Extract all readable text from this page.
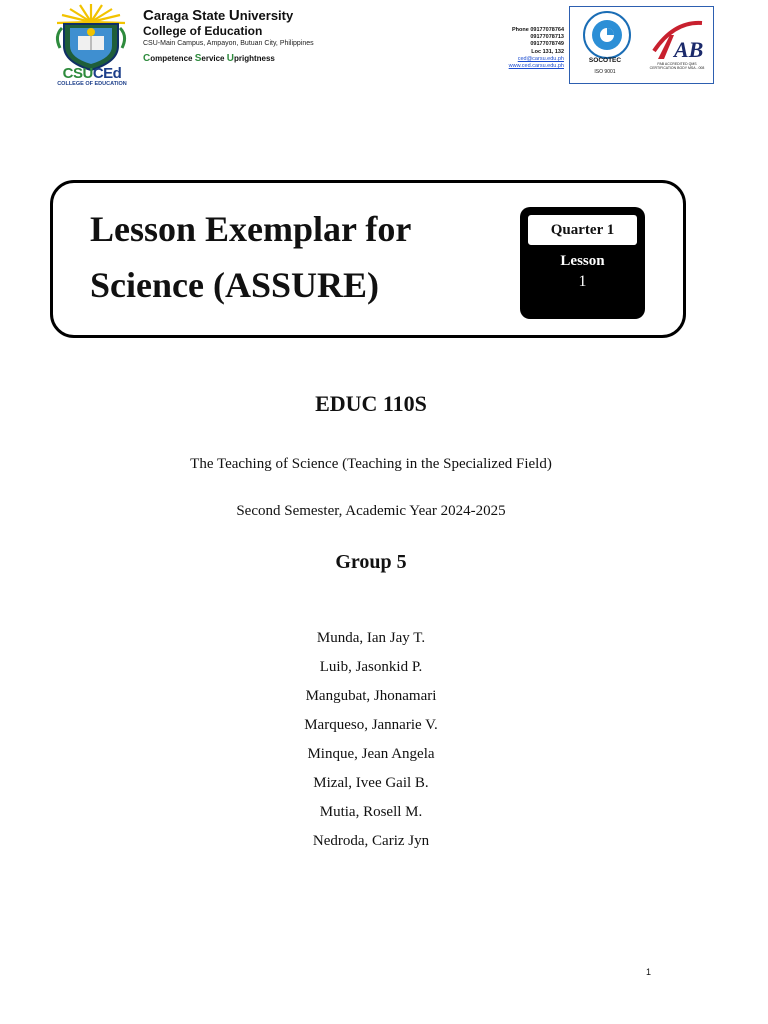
CSUCEd
COLLEGE OF EDUCATION
Caraga State University
College of Education
CSU-Main Campus, Ampayon, Butuan City, Philippines
Competence Service Uprightness
Phone 09177078764
09177078713
09177078749
Loc 131, 132
ced@carsu.edu.ph
www.ced.carsu.edu.ph
SOCOTEC
ISO 9001
AB
PAB ACCREDITED QMS CERTIFICATION BODY MSA - 008
Lesson Exemplar for
Science (ASSURE)
Quarter 1
Lesson
1
EDUC 110S
The Teaching of Science (Teaching in the Specialized Field)
Second Semester, Academic Year 2024-2025
Group 5
Munda, Ian Jay T.
Luib, Jasonkid P.
Mangubat, Jhonamari
Marqueso, Jannarie V.
Minque, Jean Angela
Mizal, Ivee Gail B.
Mutia, Rosell M.
Nedroda, Cariz Jyn
1
